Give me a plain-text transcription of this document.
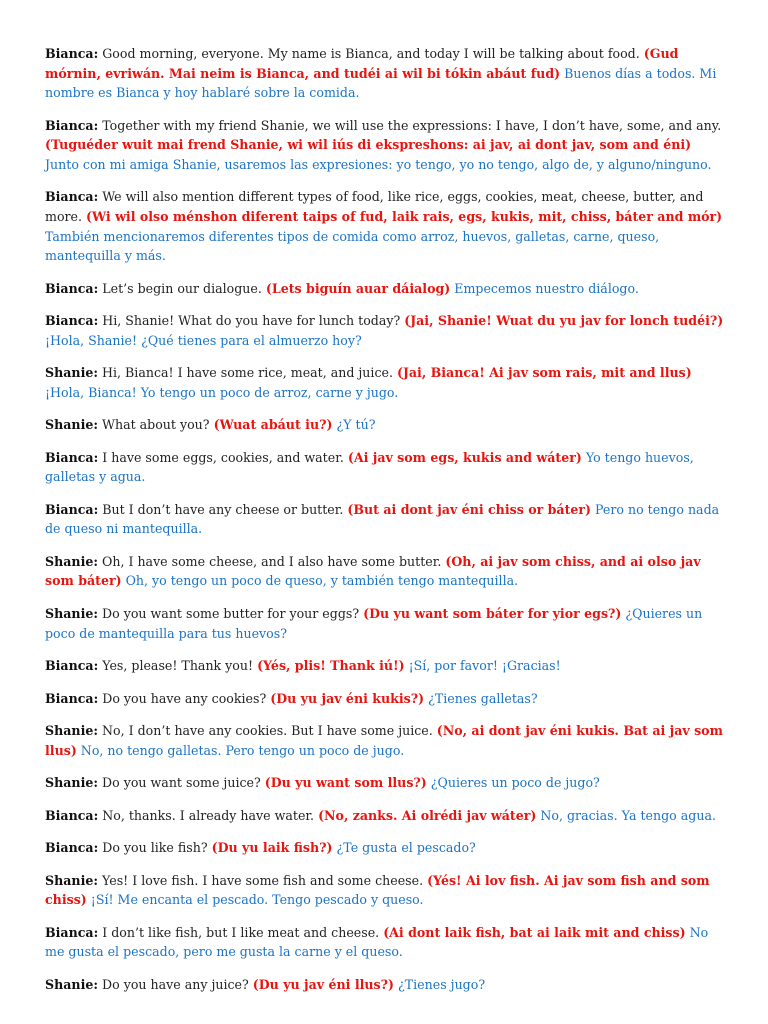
Bianca: Good morning, everyone. My name is Bianca, and today I will be talking about food. (Gud mórnin, evriwán. Mai neim is Bianca, and tudéi ai wil bi tókin abáut fud) Buenos días a todos. Mi nombre es Bianca y hoy hablaré sobre la comida.
Bianca: Together with my friend Shanie, we will use the expressions: I have, I don’t have, some, and any. (Tuguéder wuit mai frend Shanie, wi wil iús di ekspreshons: ai jav, ai dont jav, som and éni) Junto con mi amiga Shanie, usaremos las expresiones: yo tengo, yo no tengo, algo de, y alguno/ninguno.
Bianca: We will also mention different types of food, like rice, eggs, cookies, meat, cheese, butter, and more. (Wi wil olso ménshon diferent taips of fud, laik rais, egs, kukis, mit, chiss, báter and mór) También mencionaremos diferentes tipos de comida como arroz, huevos, galletas, carne, queso, mantequilla y más.
Bianca: Let’s begin our dialogue. (Lets biguín auar dáialog) Empecemos nuestro diálogo.
Bianca: Hi, Shanie! What do you have for lunch today? (Jai, Shanie! Wuat du yu jav for lonch tudéi?) ¡Hola, Shanie! ¿Qué tienes para el almuerzo hoy?
Shanie: Hi, Bianca! I have some rice, meat, and juice. (Jai, Bianca! Ai jav som rais, mit and llus) ¡Hola, Bianca! Yo tengo un poco de arroz, carne y jugo.
Shanie: What about you? (Wuat abáut iu?) ¿Y tú?
Bianca: I have some eggs, cookies, and water. (Ai jav som egs, kukis and wáter) Yo tengo huevos, galletas y agua.
Bianca: But I don’t have any cheese or butter. (But ai dont jav éni chiss or báter) Pero no tengo nada de queso ni mantequilla.
Shanie: Oh, I have some cheese, and I also have some butter. (Oh, ai jav som chiss, and ai olso jav som báter) Oh, yo tengo un poco de queso, y también tengo mantequilla.
Shanie: Do you want some butter for your eggs? (Du yu want som báter for yior egs?) ¿Quieres un poco de mantequilla para tus huevos?
Bianca: Yes, please! Thank you! (Yés, plis! Thank iú!) ¡Sí, por favor! ¡Gracias!
Bianca: Do you have any cookies? (Du yu jav éni kukis?) ¿Tienes galletas?
Shanie: No, I don’t have any cookies. But I have some juice. (No, ai dont jav éni kukis. Bat ai jav som llus) No, no tengo galletas. Pero tengo un poco de jugo.
Shanie: Do you want some juice? (Du yu want som llus?) ¿Quieres un poco de jugo?
Bianca: No, thanks. I already have water. (No, zanks. Ai olrédi jav wáter) No, gracias. Ya tengo agua.
Bianca: Do you like fish? (Du yu laik fish?) ¿Te gusta el pescado?
Shanie: Yes! I love fish. I have some fish and some cheese. (Yés! Ai lov fish. Ai jav som fish and som chiss) ¡Sí! Me encanta el pescado. Tengo pescado y queso.
Bianca: I don’t like fish, but I like meat and cheese. (Ai dont laik fish, bat ai laik mit and chiss) No me gusta el pescado, pero me gusta la carne y el queso.
Shanie: Do you have any juice? (Du yu jav éni llus?) ¿Tienes jugo?
